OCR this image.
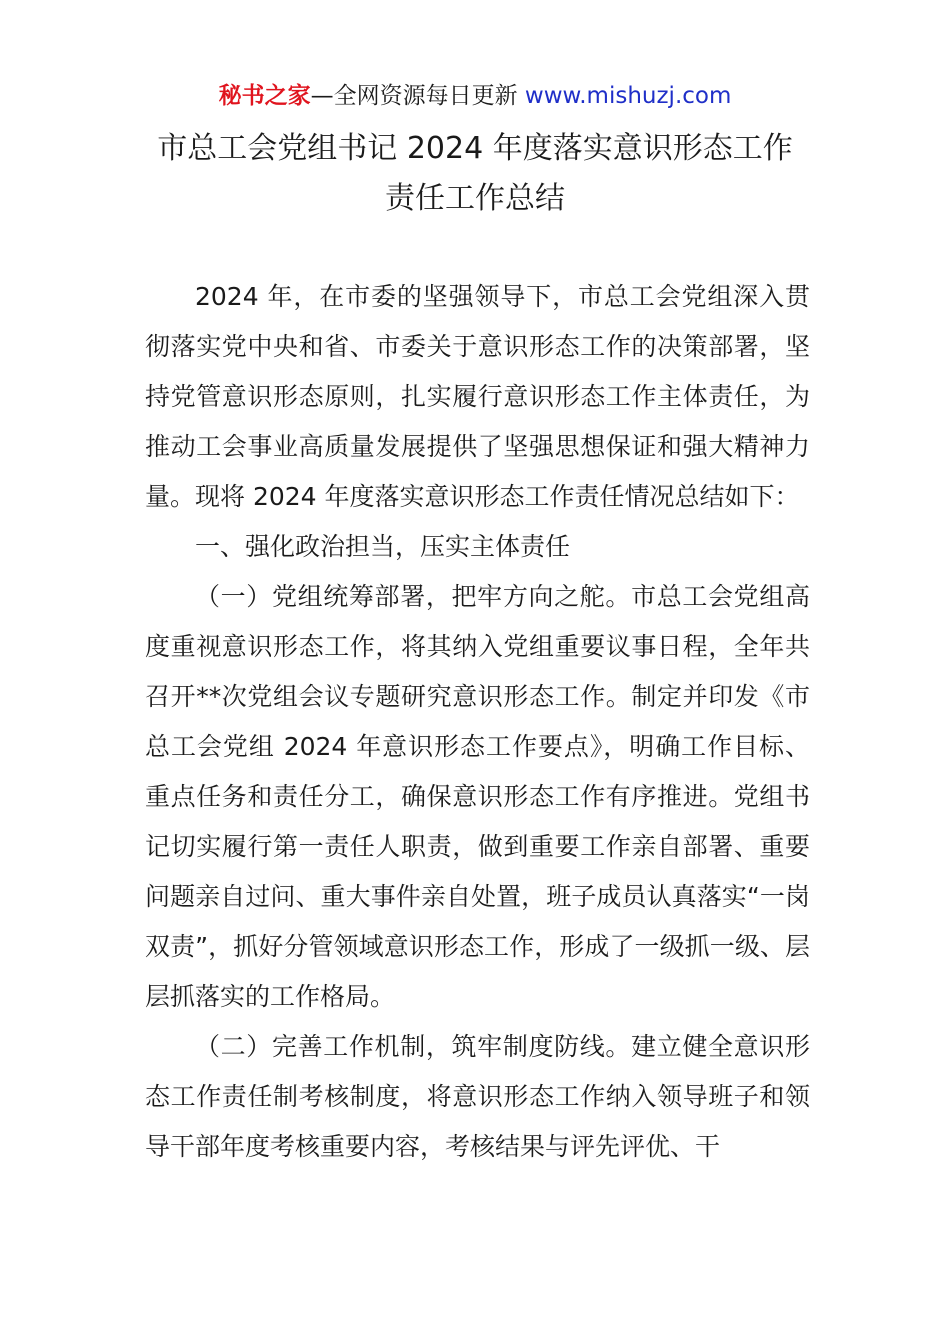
秘书之家—全网资源每日更新 www.mishuzj.com
市总工会党组书记 2024 年度落实意识形态工作
责任工作总结

2024 年，在市委的坚强领导下，市总工会党组深入贯彻落实党中央和省、市委关于意识形态工作的决策部署，坚持党管意识形态原则，扎实履行意识形态工作主体责任，为推动工会事业高质量发展提供了坚强思想保证和强大精神力量。现将 2024 年度落实意识形态工作责任情况总结如下：

一、强化政治担当，压实主体责任

（一）党组统筹部署，把牢方向之舵。市总工会党组高度重视意识形态工作，将其纳入党组重要议事日程，全年共召开**次党组会议专题研究意识形态工作。制定并印发《市总工会党组 2024 年意识形态工作要点》，明确工作目标、重点任务和责任分工，确保意识形态工作有序推进。党组书记切实履行第一责任人职责，做到重要工作亲自部署、重要问题亲自过问、重大事件亲自处置，班子成员认真落实“一岗双责”，抓好分管领域意识形态工作，形成了一级抓一级、层层抓落实的工作格局。

（二）完善工作机制，筑牢制度防线。建立健全意识形态工作责任制考核制度，将意识形态工作纳入领导班子和领导干部年度考核重要内容，考核结果与评先评优、干
